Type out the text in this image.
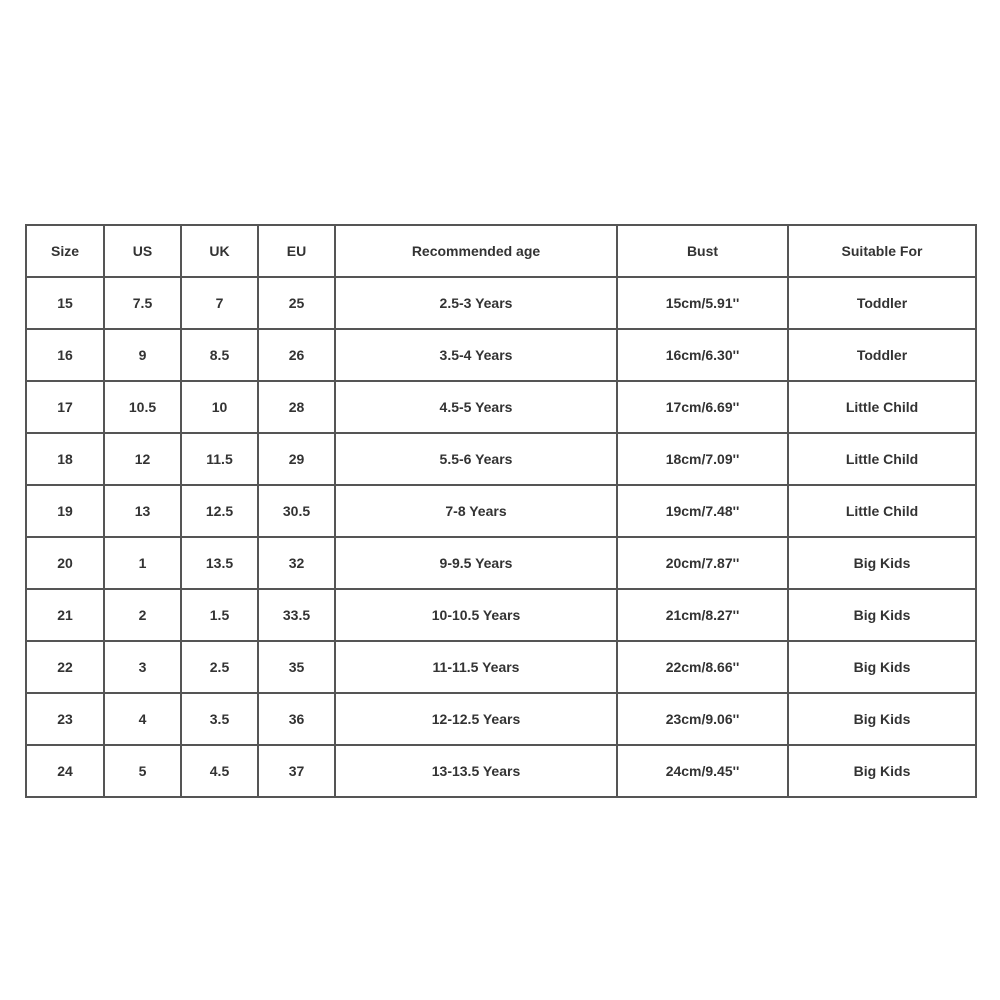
Size	US	UK	EU	Recommended age	Bust	Suitable For
15	7.5	7	25	2.5-3 Years	15cm/5.91''	Toddler
16	9	8.5	26	3.5-4 Years	16cm/6.30''	Toddler
17	10.5	10	28	4.5-5 Years	17cm/6.69''	Little Child
18	12	11.5	29	5.5-6 Years	18cm/7.09''	Little Child
19	13	12.5	30.5	7-8 Years	19cm/7.48''	Little Child
20	1	13.5	32	9-9.5 Years	20cm/7.87''	Big Kids
21	2	1.5	33.5	10-10.5 Years	21cm/8.27''	Big Kids
22	3	2.5	35	11-11.5 Years	22cm/8.66''	Big Kids
23	4	3.5	36	12-12.5 Years	23cm/9.06''	Big Kids
24	5	4.5	37	13-13.5 Years	24cm/9.45''	Big Kids
